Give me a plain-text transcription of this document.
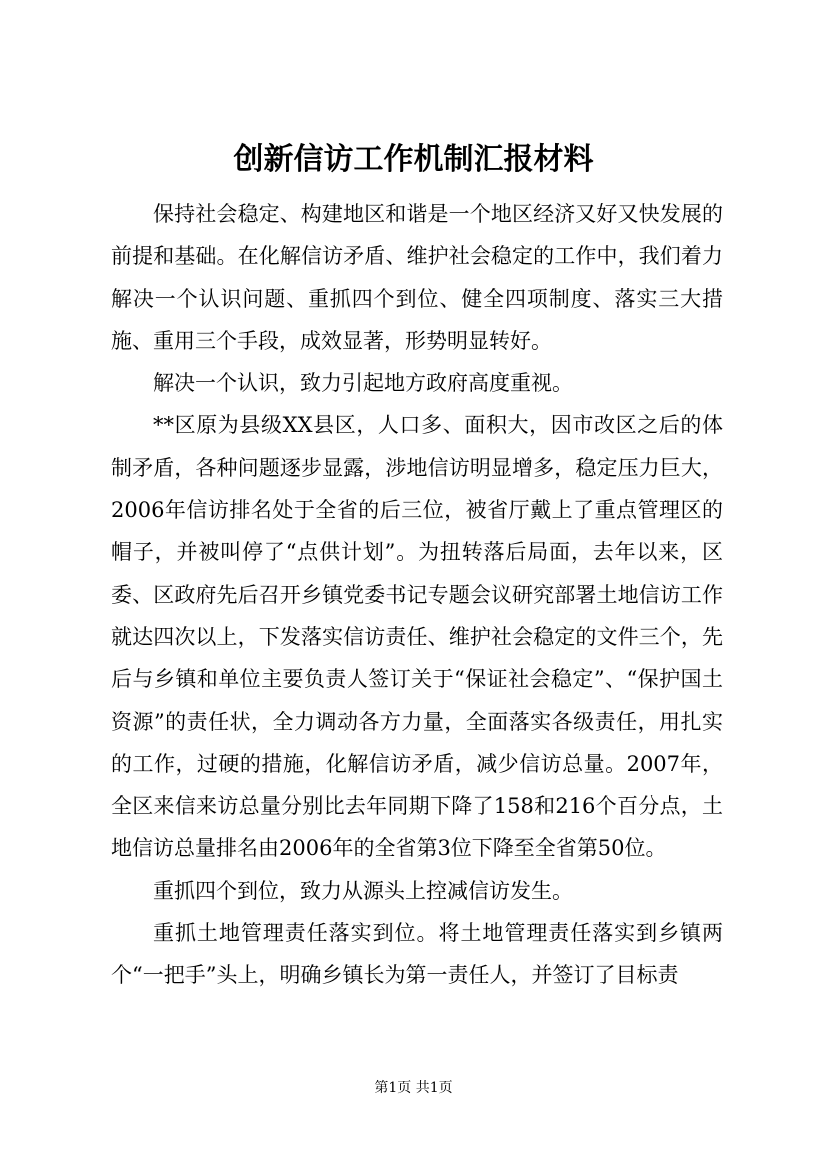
创新信访工作机制汇报材料

保持社会稳定、构建地区和谐是一个地区经济又好又快发展的前提和基础。在化解信访矛盾、维护社会稳定的工作中，我们着力解决一个认识问题、重抓四个到位、健全四项制度、落实三大措施、重用三个手段，成效显著，形势明显转好。

解决一个认识，致力引起地方政府高度重视。

**区原为县级XX县区，人口多、面积大，因市改区之后的体制矛盾，各种问题逐步显露，涉地信访明显增多，稳定压力巨大，2006年信访排名处于全省的后三位，被省厅戴上了重点管理区的帽子，并被叫停了“点供计划”。为扭转落后局面，去年以来，区委、区政府先后召开乡镇党委书记专题会议研究部署土地信访工作就达四次以上，下发落实信访责任、维护社会稳定的文件三个，先后与乡镇和单位主要负责人签订关于“保证社会稳定”、“保护国土资源”的责任状，全力调动各方力量，全面落实各级责任，用扎实的工作，过硬的措施，化解信访矛盾，减少信访总量。2007年，全区来信来访总量分别比去年同期下降了158和216个百分点，土地信访总量排名由2006年的全省第3位下降至全省第50位。

重抓四个到位，致力从源头上控减信访发生。

重抓土地管理责任落实到位。将土地管理责任落实到乡镇两个“一把手”头上，明确乡镇长为第一责任人，并签订了目标责

第1页 共1页
